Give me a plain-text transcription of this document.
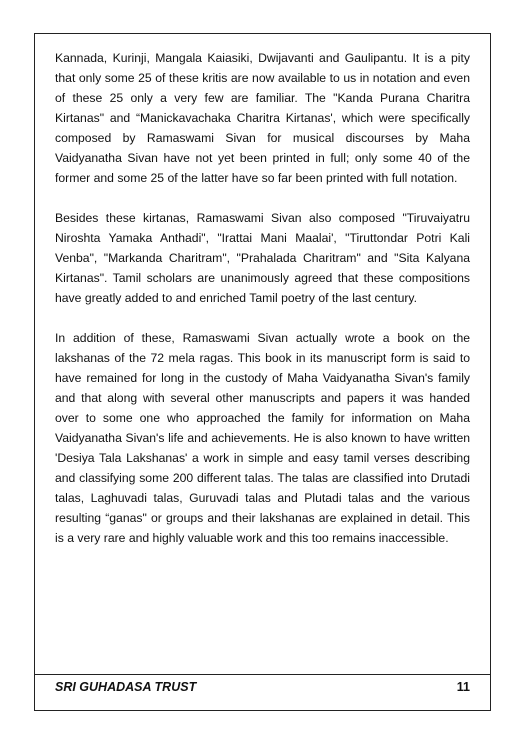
Kannada, Kurinji, Mangala Kaiasiki, Dwijavanti and Gaulipantu. It is a pity that only some 25 of these kritis are now available to us in notation and even of these 25 only a very few are familiar. The "Kanda Purana Charitra Kirtanas" and “Manickavachaka Charitra Kirtanas', which were specifically composed by Ramaswami Sivan for musical discourses by Maha Vaidyanatha Sivan have not yet been printed in full; only some 40 of the former and some 25 of the latter have so far been printed with full notation.

Besides these kirtanas, Ramaswami Sivan also composed "Tiruvaiyatru Niroshta Yamaka Anthadi", "Irattai Mani Maalai', "Tiruttondar Potri Kali Venba", "Markanda Charitram", "Prahalada Charitram" and "Sita Kalyana Kirtanas". Tamil scholars are unanimously agreed that these compositions have greatly added to and enriched Tamil poetry of the last century.

In addition of these, Ramaswami Sivan actually wrote a book on the lakshanas of the 72 mela ragas. This book in its manuscript form is said to have remained for long in the custody of Maha Vaidyanatha Sivan's family and that along with several other manuscripts and papers it was handed over to some one who approached the family for information on Maha Vaidyanatha Sivan's life and achievements. He is also known to have written 'Desiya Tala Lakshanas' a work in simple and easy tamil verses describing and classifying some 200 different talas. The talas are classified into Drutadi talas, Laghuvadi talas, Guruvadi talas and Plutadi talas and the various resulting “ganas" or groups and their lakshanas are explained in detail. This is a very rare and highly valuable work and this too remains inaccessible.

SRI GUHADASA TRUST	11
